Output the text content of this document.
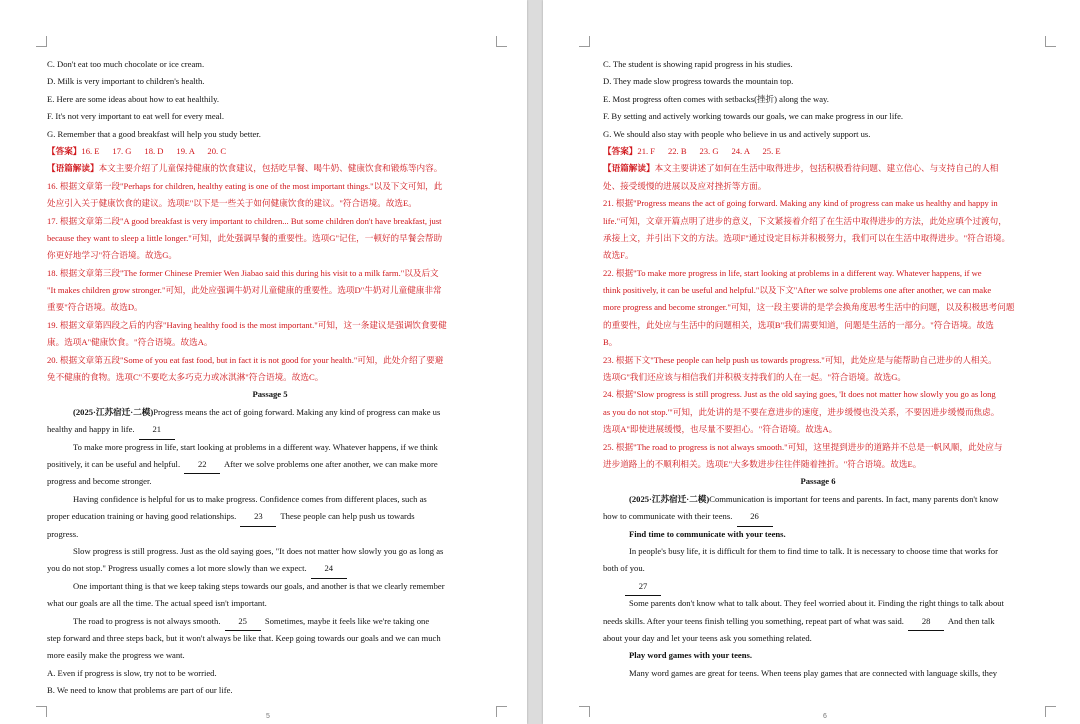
C. Don't eat too much chocolate or ice cream.
D. Milk is very important to children's health.
E. Here are some ideas about how to eat healthily.
F. It's not very important to eat well for every meal.
G. Remember that a good breakfast will help you study better.
【答案】16. E      17. G      18. D      19. A      20. C
【语篇解读】本文主要介绍了儿童保持健康的饮食建议，包括吃早餐、喝牛奶、健康饮食和锻炼等内容。
16. 根据文章第一段"Perhaps for children, healthy eating is one of the most important things."以及下文可知，此
处应引入关于健康饮食的建议。选项E"以下是一些关于如何健康饮食的建议。"符合语境。故选E。
17. 根据文章第二段"A good breakfast is very important to children... But some children don't have breakfast, just
because they want to sleep a little longer."可知，此处强调早餐的重要性。选项G"记住，一顿好的早餐会帮助
你更好地学习"符合语境。故选G。
18. 根据文章第三段"The former Chinese Premier Wen Jiabao said this during his visit to a milk farm."以及后文
"It makes children grow stronger."可知，此处应强调牛奶对儿童健康的重要性。选项D"牛奶对儿童健康非常
重要"符合语境。故选D。
19. 根据文章第四段之后的内容"Having healthy food is the most important."可知，这一条建议是强调饮食要健
康。选项A"健康饮食。"符合语境。故选A。
20. 根据文章第五段"Some of you eat fast food, but in fact it is not good for your health."可知，此处介绍了要避
免不健康的食物。选项C"不要吃太多巧克力或冰淇淋"符合语境。故选C。
Passage 5
(2025·江苏宿迁·二模)Progress means the act of going forward. Making any kind of progress can make us
healthy and happy in life. 21
To make more progress in life, start looking at problems in a different way. Whatever happens, if we think
positively, it can be useful and helpful. 22 After we solve problems one after another, we can make more
progress and become stronger.
Having confidence is helpful for us to make progress. Confidence comes from different places, such as
proper education training or having good relationships. 23 These people can help push us towards
progress.
Slow progress is still progress. Just as the old saying goes, "It does not matter how slowly you go as long as
you do not stop." Progress usually comes a lot more slowly than we expect. 24
One important thing is that we keep taking steps towards our goals, and another is that we clearly remember
what our goals are all the time. The actual speed isn't important.
The road to progress is not always smooth. 25 Sometimes, maybe it feels like we're taking one
step forward and three steps back, but it won't always be like that. Keep going towards our goals and we can much
more easily make the progress we want.
A. Even if progress is slow, try not to be worried.
B. We need to know that problems are part of our life.
5
C. The student is showing rapid progress in his studies.
D. They made slow progress towards the mountain top.
E. Most progress often comes with setbacks(挫折) along the way.
F. By setting and actively working towards our goals, we can make progress in our life.
G. We should also stay with people who believe in us and actively support us.
【答案】21. F      22. B      23. G      24. A      25. E
【语篇解读】本文主要讲述了如何在生活中取得进步，包括积极看待问题、建立信心、与支持自己的人相
处、接受缓慢的进展以及应对挫折等方面。
21. 根据"Progress means the act of going forward. Making any kind of progress can make us healthy and happy in
life."可知，文章开篇点明了进步的意义，下文紧接着介绍了在生活中取得进步的方法，此处应填个过渡句，
承接上文，并引出下文的方法。选项F"通过设定目标并积极努力，我们可以在生活中取得进步。"符合语境。
故选F。
22. 根据"To make more progress in life, start looking at problems in a different way. Whatever happens, if we
think positively, it can be useful and helpful."以及下文"After we solve problems one after another, we can make
more progress and become stronger."可知，这一段主要讲的是学会换角度思考生活中的问题，以及积极思考问题
的重要性，此处应与生活中的问题相关，选项B"我们需要知道，问题是生活的一部分。"符合语境。故选
B。
23. 根据下文"These people can help push us towards progress."可知，此处应是与能帮助自己进步的人相关。
选项G"我们还应该与相信我们并积极支持我们的人在一起。"符合语境。故选G。
24. 根据"Slow progress is still progress. Just as the old saying goes, 'It does not matter how slowly you go as long
as you do not stop.'"可知，此处讲的是不要在意进步的速度，进步缓慢也没关系，不要因进步缓慢而焦虑。
选项A"即使进展缓慢，也尽量不要担心。"符合语境。故选A。
25. 根据"The road to progress is not always smooth."可知，这里提到进步的道路并不总是一帆风顺，此处应与
进步道路上的不顺利相关。选项E"大多数进步往往伴随着挫折。"符合语境。故选E。
Passage 6
(2025·江苏宿迁·二模)Communication is important for teens and parents. In fact, many parents don't know
how to communicate with their teens. 26
Find time to communicate with your teens.
In people's busy life, it is difficult for them to find time to talk. It is necessary to choose time that works for
both of you.
27
Some parents don't know what to talk about. They feel worried about it. Finding the right things to talk about
needs skills. After your teens finish telling you something, repeat part of what was said. 28 And then talk
about your day and let your teens ask you something related.
Play word games with your teens.
Many word games are great for teens. When teens play games that are connected with language skills, they
6
